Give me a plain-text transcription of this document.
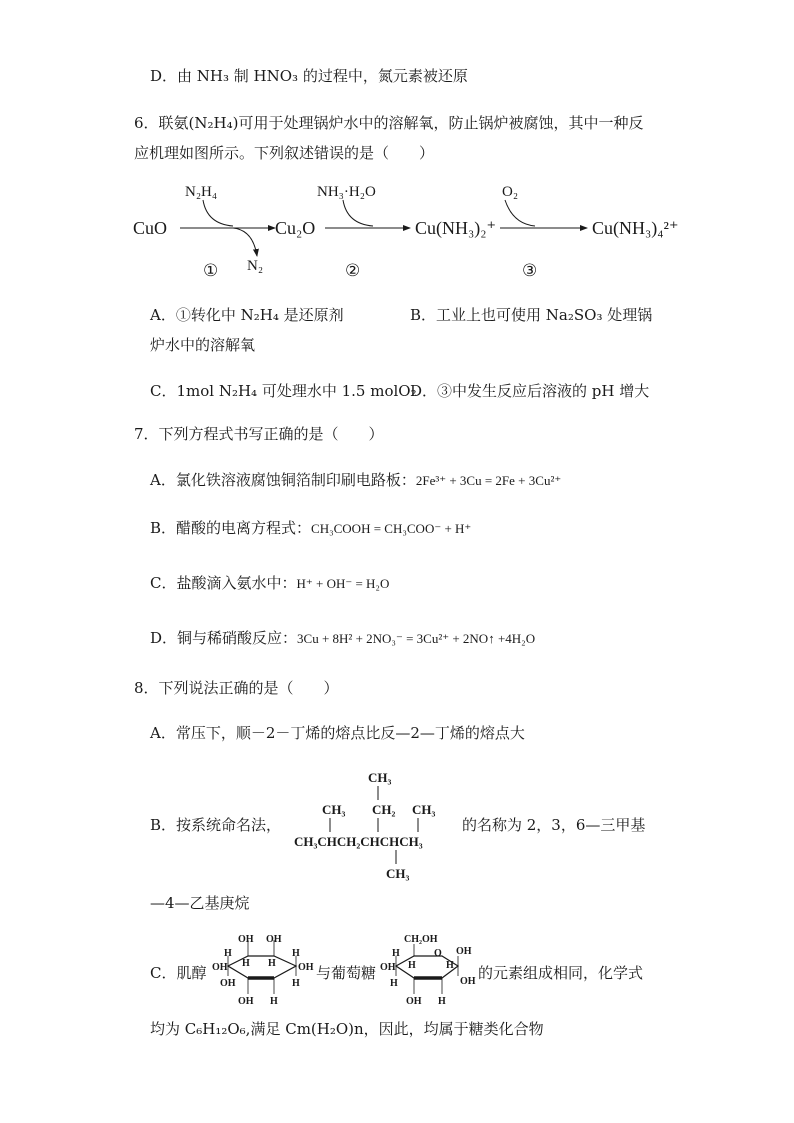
D．由 NH₃ 制 HNO₃ 的过程中，氮元素被还原
6．联氨(N₂H₄)可用于处理锅炉水中的溶解氧，防止锅炉被腐蚀，其中一种反
应机理如图所示。下列叙述错误的是（　　）
CuO
N₂H₄
N₂
①
Cu₂O
NH₃·H₂O
②
Cu(NH₃)₂⁺
O₂
③
Cu(NH₃)₄²⁺
A．①转化中 N₂H₄ 是还原剂	B．工业上也可使用 Na₂SO₃ 处理锅
炉水中的溶解氧
C．1mol N₂H₄ 可处理水中 1.5 molO₂
D．③中发生反应后溶液的 pH 增大
7．下列方程式书写正确的是（　　）
A．氯化铁溶液腐蚀铜箔制印刷电路板：2Fe³⁺ + 3Cu = 2Fe + 3Cu²⁺
B．醋酸的电离方程式：CH₃COOH = CH₃COO⁻ + H⁺
C．盐酸滴入氨水中：H⁺ + OH⁻ = H₂O
D．铜与稀硝酸反应：3Cu + 8H² + 2NO₃⁻ = 3Cu²⁺ + 2NO↑ +4H₂O
8．下列说法正确的是（　　）
A．常压下，顺－2－丁烯的熔点比反—2—丁烯的熔点大
B．按系统命名法，
CH₃
CH₃ CH₂ CH₃
CH₃CHCH₂CHCHCH₃
CH₃
的名称为 2，3，6—三甲基
—4—乙基庚烷
C．肌醇
OH OH
H	H
H
OH	H OH
OH	H
OH H
与葡萄糖
CH₂OH
O
H	OH
H
OH	H
OH
H
H
OH
的元素组成相同，化学式
均为 C₆H₁₂O₆,满足 Cm(H₂O)n，因此，均属于糖类化合物
